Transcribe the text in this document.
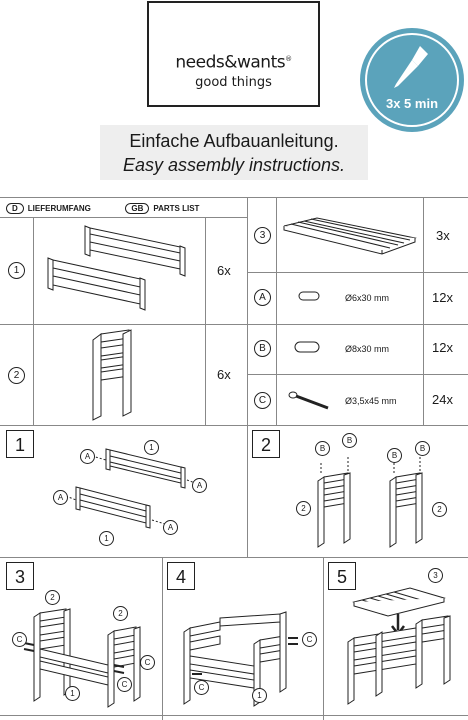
needs&wants®
good things
3x 5 min
Einfache Aufbauanleitung.
Easy assembly instructions.
D LIEFERUMFANG	GB PARTS LIST
1	6x
2	6x
3	3x
A	Ø6x30 mm	12x
B	Ø8x30 mm	12x
C	Ø3,5x45 mm	24x
1	1
A
A
A
A
1
2	B
B
B
B
2	2
3
2
2
C
C
1
C
4
C
C
1
5	3
